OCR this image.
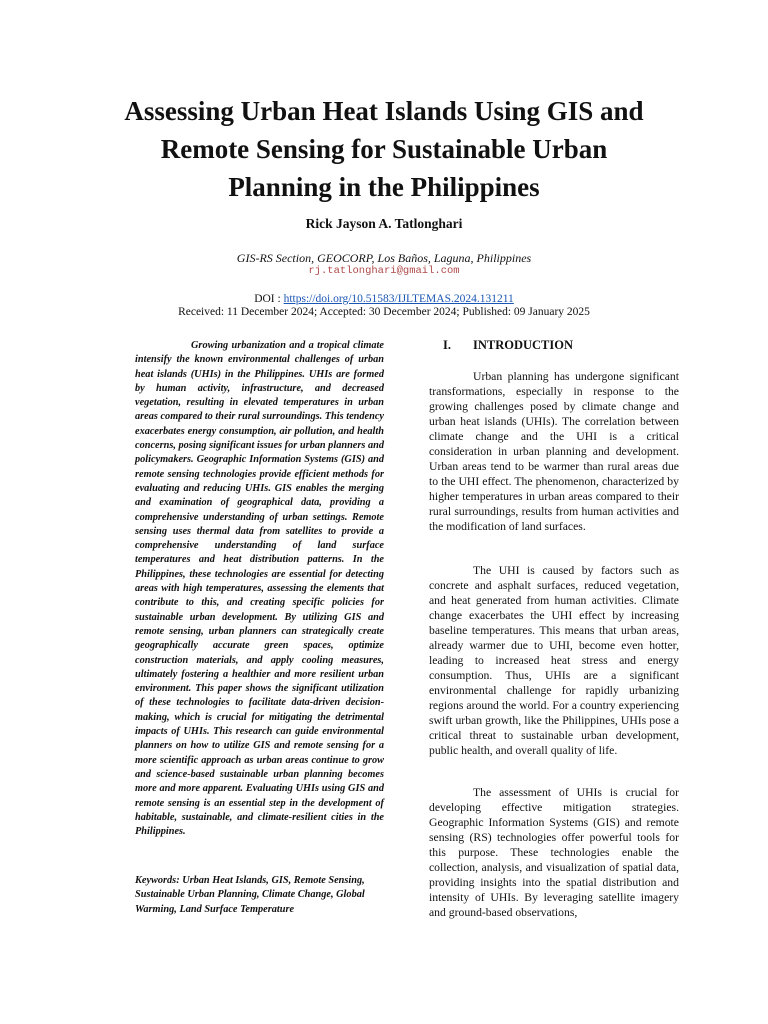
Assessing Urban Heat Islands Using GIS and Remote Sensing for Sustainable Urban Planning in the Philippines
Rick Jayson A. Tatlonghari
GIS-RS Section, GEOCORP, Los Baños, Laguna, Philippines
rj.tatlonghari@gmail.com
DOI : https://doi.org/10.51583/IJLTEMAS.2024.131211
Received: 11 December 2024; Accepted: 30 December 2024; Published: 09 January 2025

Growing urbanization and a tropical climate intensify the known environmental challenges of urban heat islands (UHIs) in the Philippines. UHIs are formed by human activity, infrastructure, and decreased vegetation, resulting in elevated temperatures in urban areas compared to their rural surroundings. This tendency exacerbates energy consumption, air pollution, and health concerns, posing significant issues for urban planners and policymakers. Geographic Information Systems (GIS) and remote sensing technologies provide efficient methods for evaluating and reducing UHIs. GIS enables the merging and examination of geographical data, providing a comprehensive understanding of urban settings. Remote sensing uses thermal data from satellites to provide a comprehensive understanding of land surface temperatures and heat distribution patterns. In the Philippines, these technologies are essential for detecting areas with high temperatures, assessing the elements that contribute to this, and creating specific policies for sustainable urban development. By utilizing GIS and remote sensing, urban planners can strategically create geographically accurate green spaces, optimize construction materials, and apply cooling measures, ultimately fostering a healthier and more resilient urban environment. This paper shows the significant utilization of these technologies to facilitate data-driven decision-making, which is crucial for mitigating the detrimental impacts of UHIs. This research can guide environmental planners on how to utilize GIS and remote sensing for a more scientific approach as urban areas continue to grow and science-based sustainable urban planning becomes more and more apparent. Evaluating UHIs using GIS and remote sensing is an essential step in the development of habitable, sustainable, and climate-resilient cities in the Philippines.

Keywords: Urban Heat Islands, GIS, Remote Sensing, Sustainable Urban Planning, Climate Change, Global Warming, Land Surface Temperature

I. INTRODUCTION

Urban planning has undergone significant transformations, especially in response to the growing challenges posed by climate change and urban heat islands (UHIs). The correlation between climate change and the UHI is a critical consideration in urban planning and development. Urban areas tend to be warmer than rural areas due to the UHI effect. The phenomenon, characterized by higher temperatures in urban areas compared to their rural surroundings, results from human activities and the modification of land surfaces.

The UHI is caused by factors such as concrete and asphalt surfaces, reduced vegetation, and heat generated from human activities. Climate change exacerbates the UHI effect by increasing baseline temperatures. This means that urban areas, already warmer due to UHI, become even hotter, leading to increased heat stress and energy consumption. Thus, UHIs are a significant environmental challenge for rapidly urbanizing regions around the world. For a country experiencing swift urban growth, like the Philippines, UHIs pose a critical threat to sustainable urban development, public health, and overall quality of life.

The assessment of UHIs is crucial for developing effective mitigation strategies. Geographic Information Systems (GIS) and remote sensing (RS) technologies offer powerful tools for this purpose. These technologies enable the collection, analysis, and visualization of spatial data, providing insights into the spatial distribution and intensity of UHIs. By leveraging satellite imagery and ground-based observations,
